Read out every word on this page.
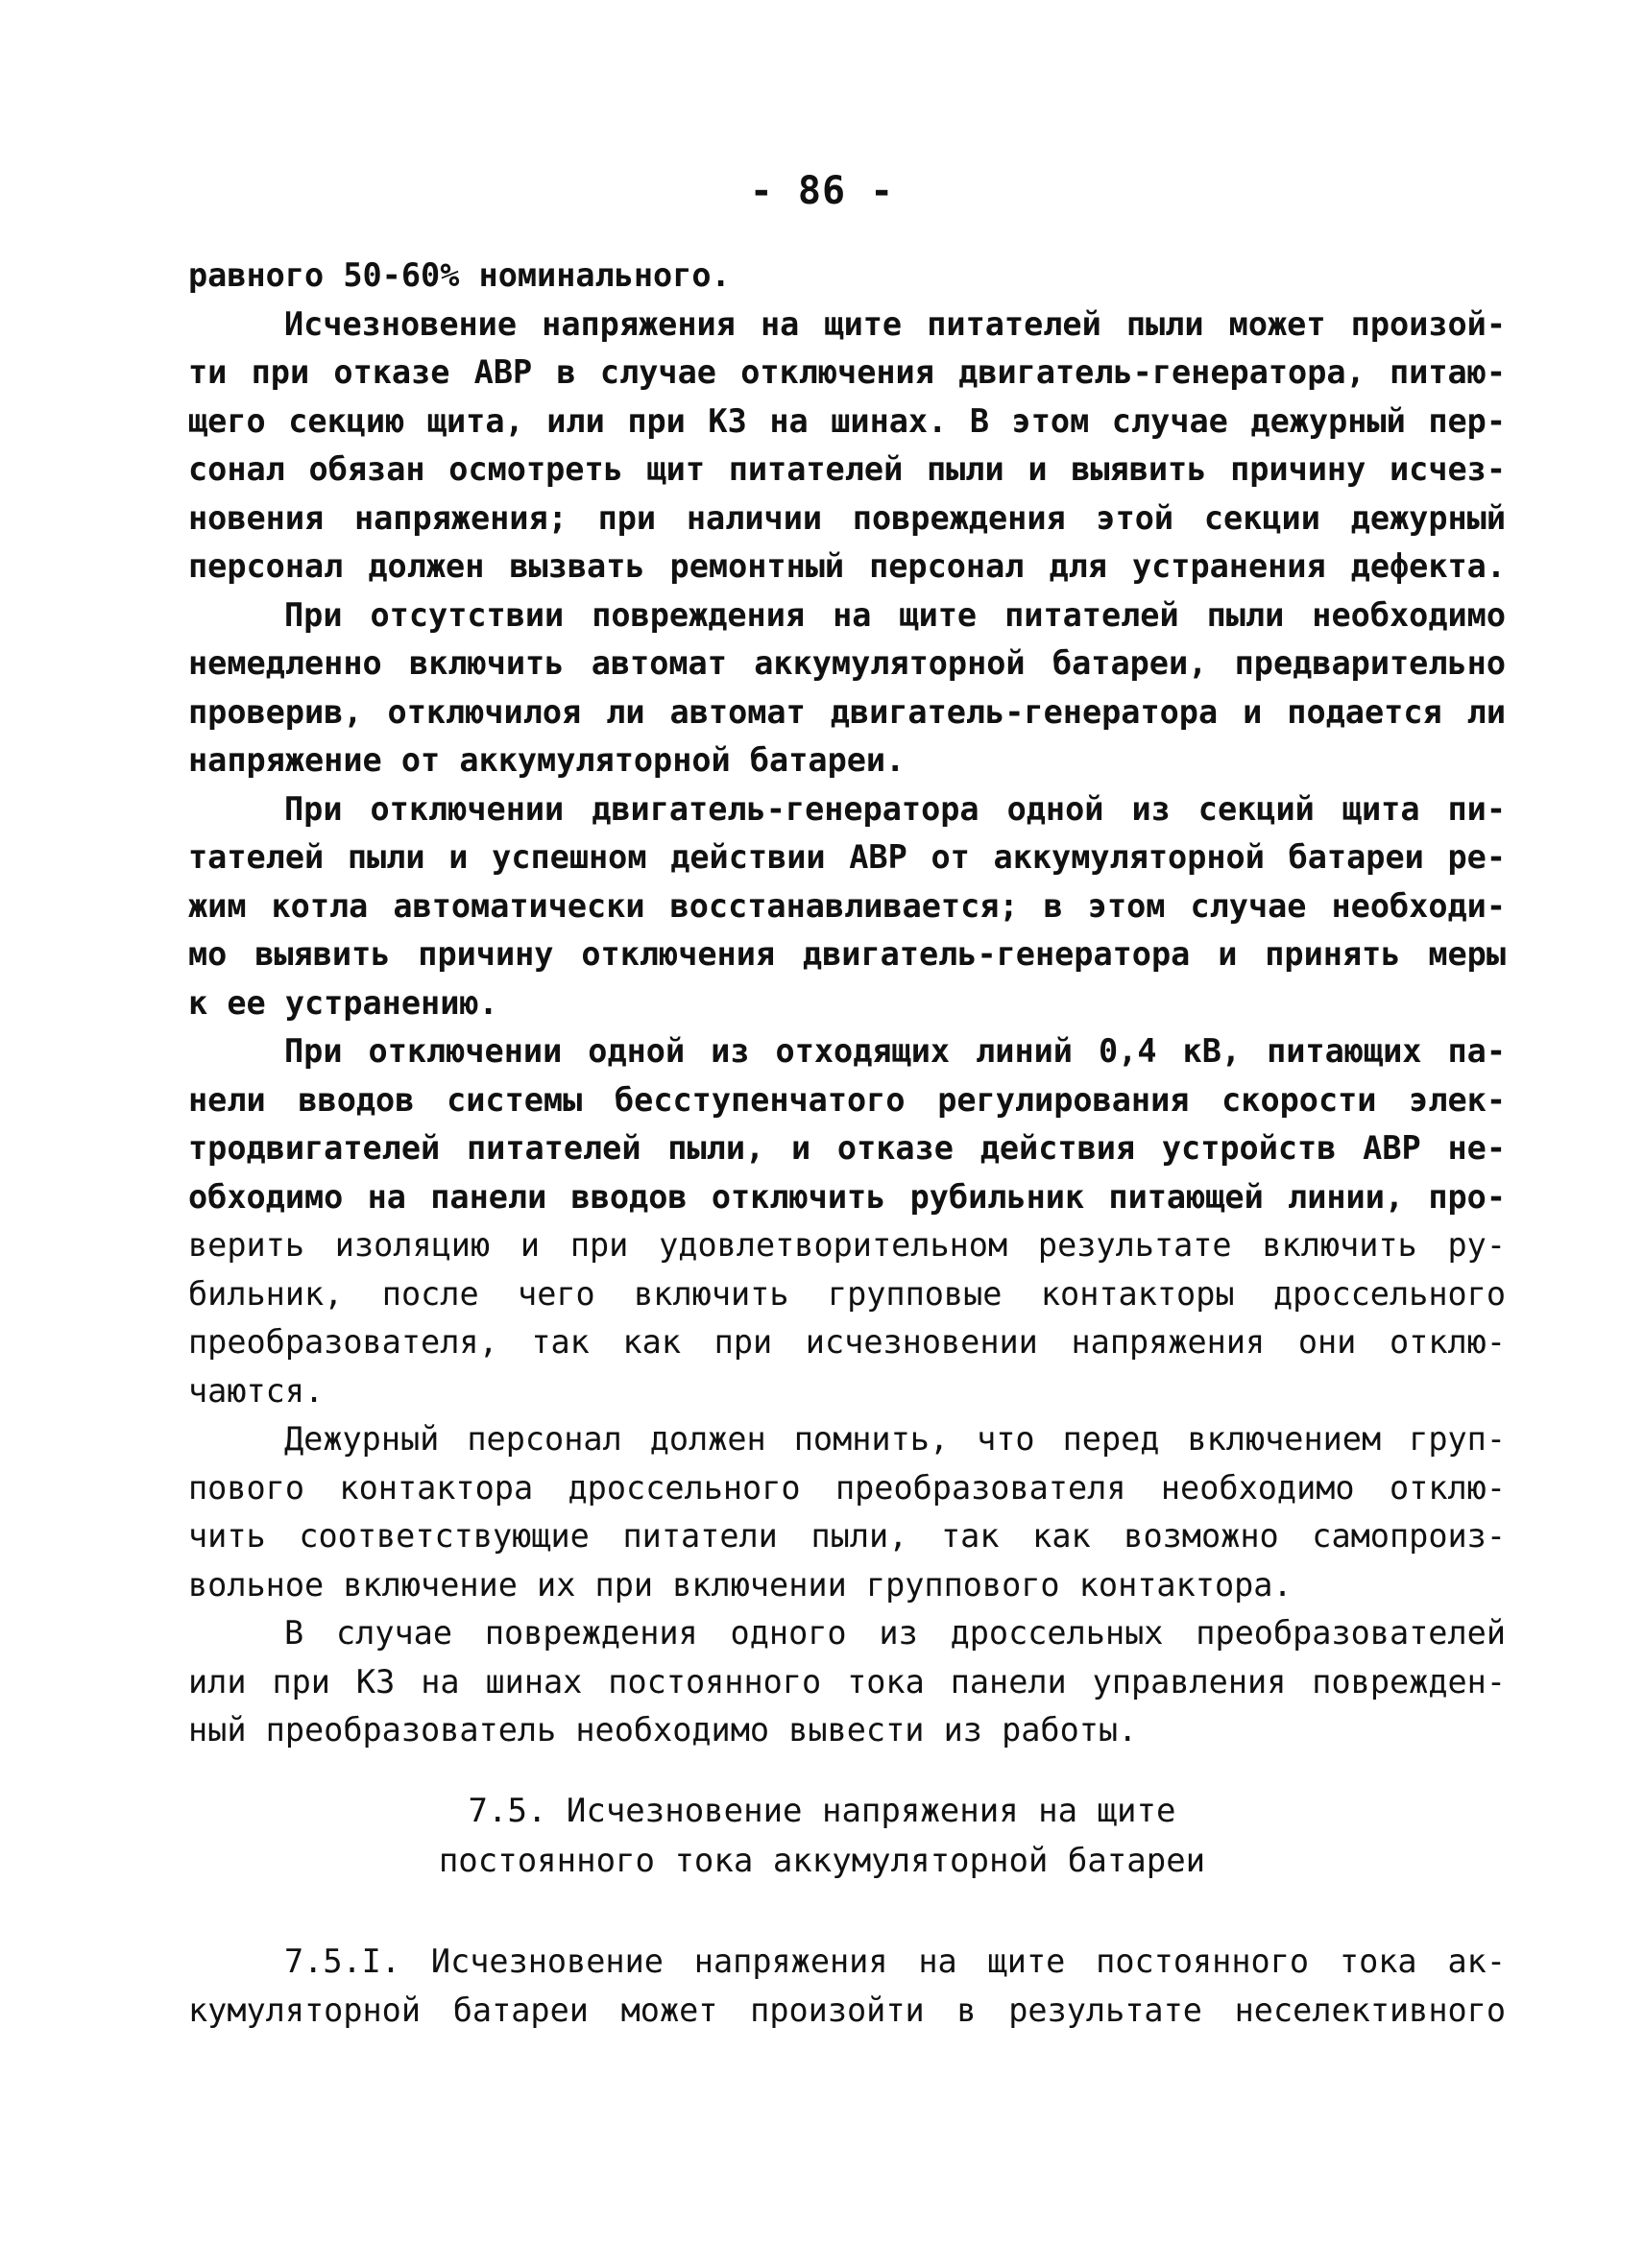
- 86 -
равного 50-60% номинального.
Исчезновение напряжения на щите питателей пыли может произой-
ти при отказе АВР в случае отключения двигатель-генератора, питаю-
щего секцию щита, или при КЗ на шинах. В этом случае дежурный пер-
сонал обязан осмотреть щит питателей пыли и выявить причину исчез-
новения напряжения; при наличии повреждения этой секции дежурный
персонал должен вызвать ремонтный персонал для устранения дефекта.
При отсутствии повреждения на щите питателей пыли необходимо
немедленно включить автомат аккумуляторной батареи, предварительно
проверив, отключилоя ли автомат двигатель-генератора и подается ли
напряжение от аккумуляторной батареи.
При отключении двигатель-генератора одной из секций щита пи-
тателей пыли и успешном действии АВР от аккумуляторной батареи ре-
жим котла автоматически восстанавливается; в этом случае необходи-
мо выявить причину отключения двигатель-генератора и принять меры
к ее устранению.
При отключении одной из отходящих линий 0,4 кВ, питающих па-
нели вводов системы бесступенчатого регулирования скорости элек-
тродвигателей питателей пыли, и отказе действия устройств АВР не-
обходимо на панели вводов отключить рубильник питающей линии, про-
верить изоляцию и при удовлетворительном результате включить ру-
бильник, после чего включить групповые контакторы дроссельного
преобразователя, так как при исчезновении напряжения они отклю-
чаются.
Дежурный персонал должен помнить, что перед включением груп-
пового контактора дроссельного преобразователя необходимо отклю-
чить соответствующие питатели пыли, так как возможно самопроиз-
вольное включение их при включении группового контактора.
В случае повреждения одного из дроссельных преобразователей
или при КЗ на шинах постоянного тока панели управления поврежден-
ный преобразователь необходимо вывести из работы.
7.5. Исчезновение напряжения на щите
постоянного тока аккумуляторной батареи
7.5.I. Исчезновение напряжения на щите постоянного тока ак-
кумуляторной батареи может произойти в результате неселективного
